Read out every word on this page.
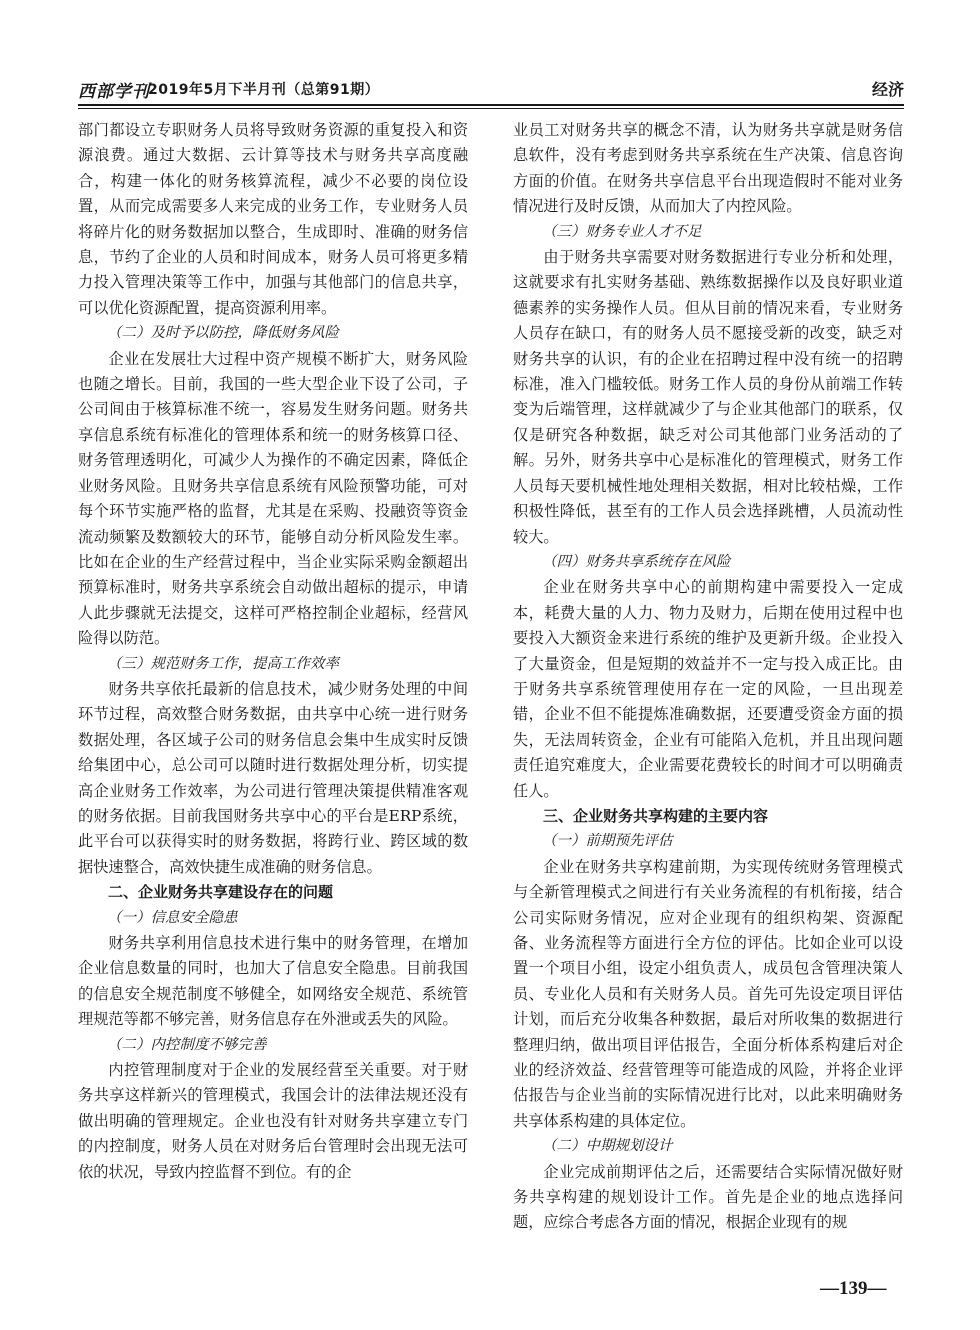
西部学刊
2019年5月下半月刊（总第91期）	经济

部门都设立专职财务人员将导致财务资源的重复投入和资源浪费。通过大数据、云计算等技术与财务共享高度融合，构建一体化的财务核算流程，减少不必要的岗位设置，从而完成需要多人来完成的业务工作，专业财务人员将碎片化的财务数据加以整合，生成即时、准确的财务信息，节约了企业的人员和时间成本，财务人员可将更多精力投入管理决策等工作中，加强与其他部门的信息共享，可以优化资源配置，提高资源利用率。

（二）及时予以防控，降低财务风险

企业在发展壮大过程中资产规模不断扩大，财务风险也随之增长。目前，我国的一些大型企业下设了公司，子公司间由于核算标准不统一，容易发生财务问题。财务共享信息系统有标准化的管理体系和统一的财务核算口径、财务管理透明化，可减少人为操作的不确定因素，降低企业财务风险。且财务共享信息系统有风险预警功能，可对每个环节实施严格的监督，尤其是在采购、投融资等资金流动频繁及数额较大的环节，能够自动分析风险发生率。比如在企业的生产经营过程中，当企业实际采购金额超出预算标准时，财务共享系统会自动做出超标的提示，申请人此步骤就无法提交，这样可严格控制企业超标，经营风险得以防范。

（三）规范财务工作，提高工作效率

财务共享依托最新的信息技术，减少财务处理的中间环节过程，高效整合财务数据，由共享中心统一进行财务数据处理，各区域子公司的财务信息会集中生成实时反馈给集团中心，总公司可以随时进行数据处理分析，切实提高企业财务工作效率，为公司进行管理决策提供精准客观的财务依据。目前我国财务共享中心的平台是ERP系统，此平台可以获得实时的财务数据，将跨行业、跨区域的数据快速整合，高效快捷生成准确的财务信息。

二、企业财务共享建设存在的问题

（一）信息安全隐患

财务共享利用信息技术进行集中的财务管理，在增加企业信息数量的同时，也加大了信息安全隐患。目前我国的信息安全规范制度不够健全，如网络安全规范、系统管理规范等都不够完善，财务信息存在外泄或丢失的风险。

（二）内控制度不够完善

内控管理制度对于企业的发展经营至关重要。对于财务共享这样新兴的管理模式，我国会计的法律法规还没有做出明确的管理规定。企业也没有针对财务共享建立专门的内控制度，财务人员在对财务后台管理时会出现无法可依的状况，导致内控监督不到位。有的企

业员工对财务共享的概念不清，认为财务共享就是财务信息软件，没有考虑到财务共享系统在生产决策、信息咨询方面的价值。在财务共享信息平台出现造假时不能对业务情况进行及时反馈，从而加大了内控风险。

（三）财务专业人才不足

由于财务共享需要对财务数据进行专业分析和处理，这就要求有扎实财务基础、熟练数据操作以及良好职业道德素养的实务操作人员。但从目前的情况来看，专业财务人员存在缺口，有的财务人员不愿接受新的改变，缺乏对财务共享的认识，有的企业在招聘过程中没有统一的招聘标准，准入门槛较低。财务工作人员的身份从前端工作转变为后端管理，这样就减少了与企业其他部门的联系，仅仅是研究各种数据，缺乏对公司其他部门业务活动的了解。另外，财务共享中心是标准化的管理模式，财务工作人员每天要机械性地处理相关数据，相对比较枯燥，工作积极性降低，甚至有的工作人员会选择跳槽，人员流动性较大。

（四）财务共享系统存在风险

企业在财务共享中心的前期构建中需要投入一定成本，耗费大量的人力、物力及财力，后期在使用过程中也要投入大额资金来进行系统的维护及更新升级。企业投入了大量资金，但是短期的效益并不一定与投入成正比。由于财务共享系统管理使用存在一定的风险，一旦出现差错，企业不但不能提炼准确数据，还要遭受资金方面的损失，无法周转资金，企业有可能陷入危机，并且出现问题责任追究难度大，企业需要花费较长的时间才可以明确责任人。

三、企业财务共享构建的主要内容

（一）前期预先评估

企业在财务共享构建前期，为实现传统财务管理模式与全新管理模式之间进行有关业务流程的有机衔接，结合公司实际财务情况，应对企业现有的组织构架、资源配备、业务流程等方面进行全方位的评估。比如企业可以设置一个项目小组，设定小组负责人，成员包含管理决策人员、专业化人员和有关财务人员。首先可先设定项目评估计划，而后充分收集各种数据，最后对所收集的数据进行整理归纳，做出项目评估报告，全面分析体系构建后对企业的经济效益、经营管理等可能造成的风险，并将企业评估报告与企业当前的实际情况进行比对，以此来明确财务共享体系构建的具体定位。

（二）中期规划设计

企业完成前期评估之后，还需要结合实际情况做好财务共享构建的规划设计工作。首先是企业的地点选择问题，应综合考虑各方面的情况，根据企业现有的规

—139—
